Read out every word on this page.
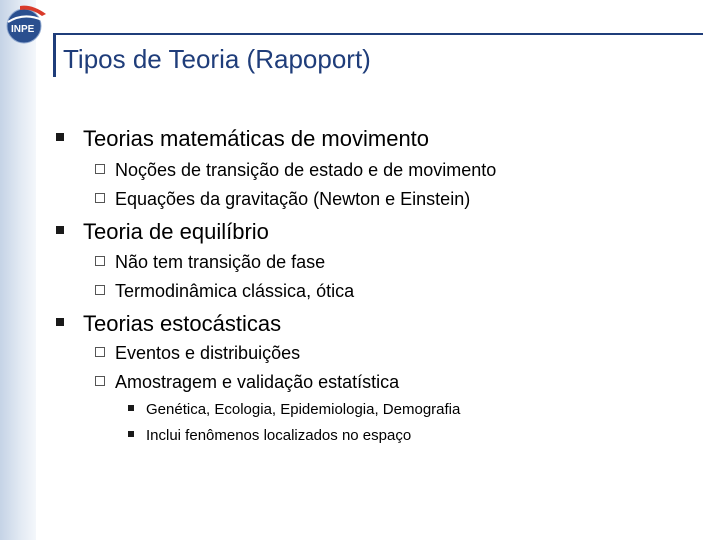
INPE
Tipos de Teoria (Rapoport)
Teorias matemáticas de movimento
Noções de transição de estado e de movimento
Equações da gravitação (Newton e Einstein)
Teoria de equilíbrio
Não tem transição de fase
Termodinâmica clássica, ótica
Teorias estocásticas
Eventos e distribuições
Amostragem e validação estatística
Genética, Ecologia, Epidemiologia, Demografia
Inclui fenômenos localizados no espaço
